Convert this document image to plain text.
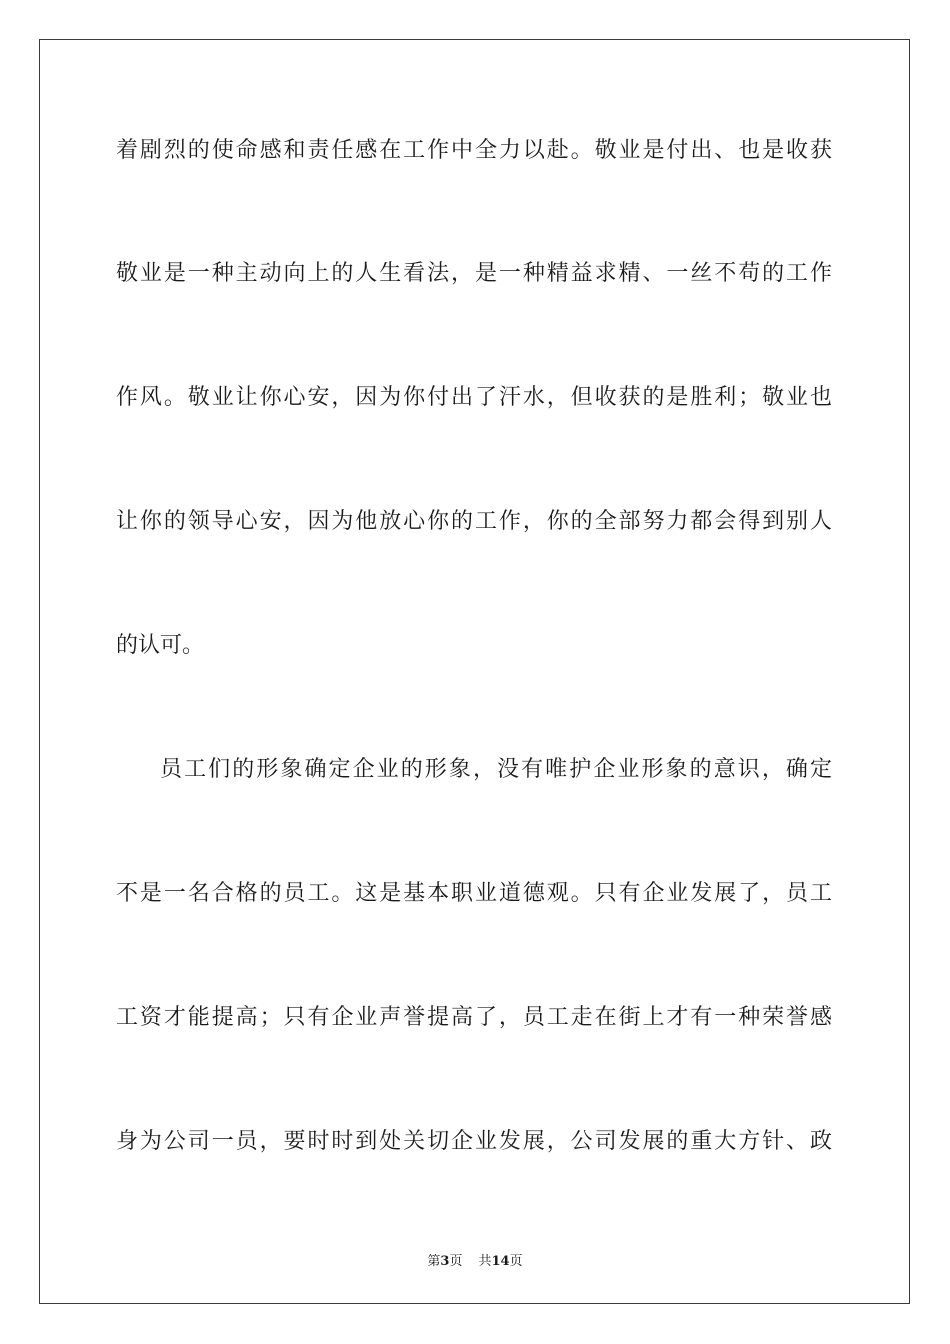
着剧烈的使命感和责任感在工作中全力以赴。敬业是付出、也是收获
敬业是一种主动向上的人生看法，是一种精益求精、一丝不苟的工作
作风。敬业让你心安，因为你付出了汗水，但收获的是胜利；敬业也
让你的领导心安，因为他放心你的工作，你的全部努力都会得到别人
的认可。
员工们的形象确定企业的形象，没有唯护企业形象的意识，确定
不是一名合格的员工。这是基本职业道德观。只有企业发展了，员工
工资才能提高；只有企业声誉提高了，员工走在街上才有一种荣誉感
身为公司一员，要时时到处关切企业发展，公司发展的重大方针、政
第3页 共14页
